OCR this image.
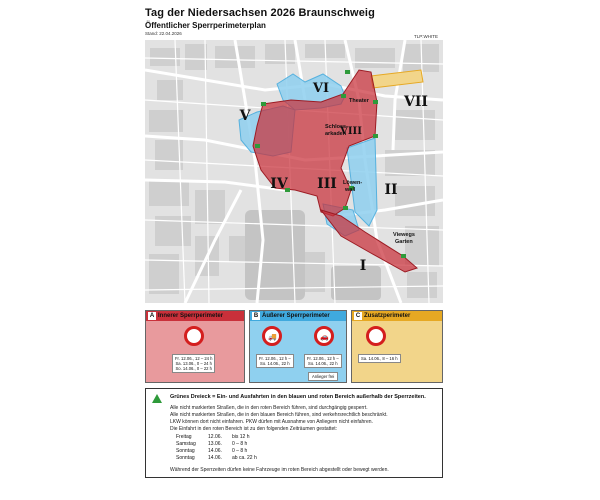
Tag der Niedersachsen 2026 Braunschweig
Öffentlicher Sperrperimeterplan
Stand: 22.04.2026
TLP:WHITE
VI
V
VII
VIII
IV III	II
I
Theater
Schloss-
arkaden
Löwen-
wall
Viewegs
Garten
A Innerer Sperrperimeter
Fr. 12.06., 12 – 24 h
Sa. 13.06., 0 – 24 h
So. 14.06., 0 – 22 h
B Äußerer Sperrperimeter
🚚	🚗
Fr. 12.06., 12 h –
So. 14.06., 22 h
Fr. 12.06., 12 h –
So. 14.06., 22 h
Anlieger frei
C Zusatzperimeter
Sa. 14.06., 8 – 16 h
Grünes Dreieck = Ein- und Ausfahrten in den blauen und roten Bereich außerhalb der Sperrzeiten.
Alle nicht markierten Straßen, die in den roten Bereich führen, sind durchgängig gesperrt.
Alle nicht markierten Straßen, die in den blauen Bereich führen, sind verkehrsrechtlich beschränkt.
LKW können dort nicht einfahren. PKW dürfen mit Ausnahme von Anliegern nicht einfahren.
Die Einfahrt in den roten Bereich ist zu den folgenden Zeiträumen gestattet:
Freitag	12.06.	bis 12 h
Samstag	13.06.	0 – 8 h
Sonntag	14.06.	0 – 8 h
Sonntag	14.06.	ab ca. 22 h
Während der Sperrzeiten dürfen keine Fahrzeuge im roten Bereich abgestellt oder bewegt werden.
